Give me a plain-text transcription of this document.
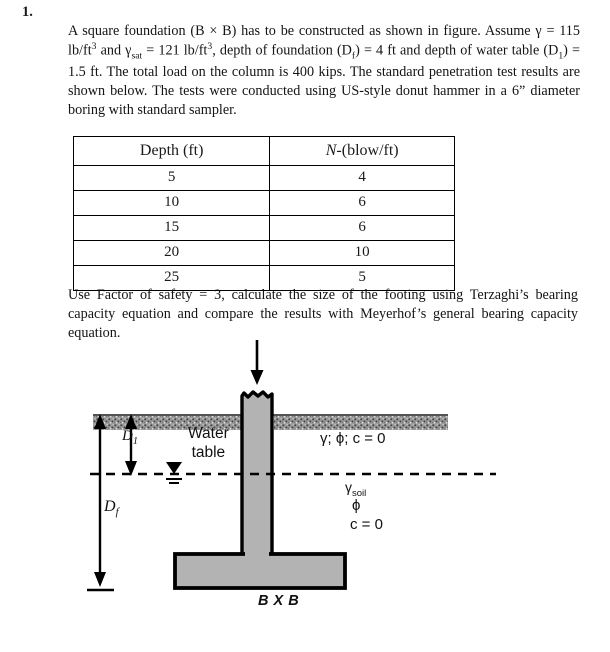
1.
A square foundation (B × B) has to be constructed as shown in figure. Assume γ = 115 $lb/ft^3$ and $\gamma_{sat} = 121$ $lb/ft^3$, depth of foundation $(D_f) = 4$ ft and depth of water table $(D_1) = 1.5$ ft. The total load on the column is 400 kips. The standard penetration test results are shown below. The tests were conducted using US-style donut hammer in a 6” diameter boring with standard sampler.
Depth (ft)	N-(blow/ft)
5	4
10	6
15	6
20	10
25	5
Water
table
γ; ϕ; c = 0
$\gamma_{soil}$
ϕ
c = 0
$D_1$
$D_f$
B X B
Use Factor of safety = 3, calculate the size of the footing using Terzaghi’s bearing capacity equation and compare the results with Meyerhof’s general bearing capacity equation.
